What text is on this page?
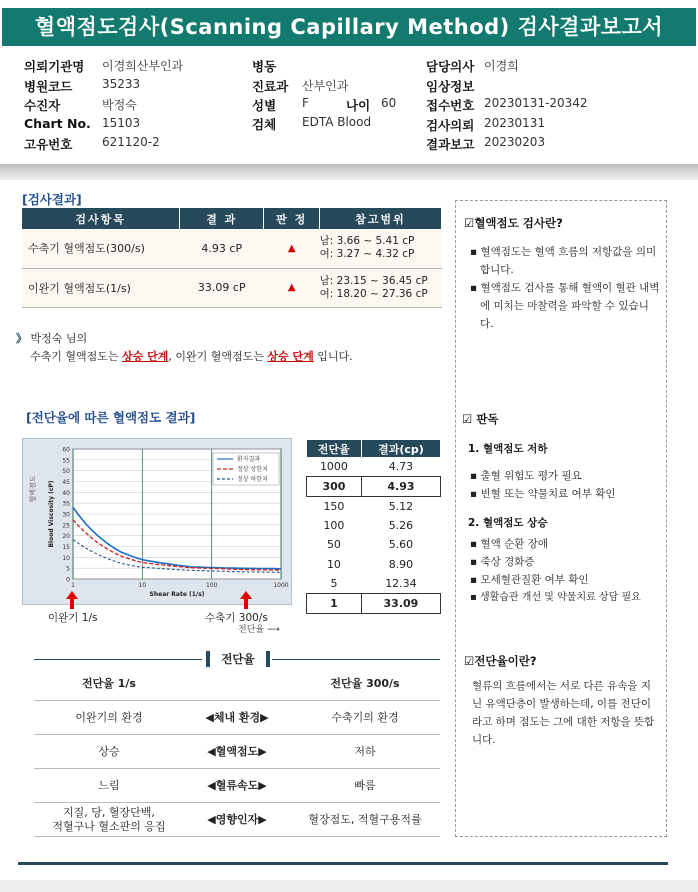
혈액점도검사(Scanning Capillary Method) 검사결과보고서
의뢰기관명 이경희산부인과
병원코드 35233
수진자	박정숙
Chart No. 15103
고유번호 621120-2
병동
진료과 산부인과
성별 F	나이 60
검체 EDTA Blood
담당의사 이경희
임상정보
접수번호 20230131-20342
검사의뢰 20230131
결과보고 20230203
[검사결과]
검사항목	결 과	판 정	참고범위
수축기 혈액점도(300/s)	4.93 cP	▲	남: 3.66 ~ 5.41 cP
여: 3.27 ~ 4.32 cP

이완기 혈액점도(1/s)	33.09 cP	▲	남: 23.15 ~ 36.45 cP
여: 18.20 ~ 27.36 cP
》 박정숙 님의
수축기 혈액점도는 상승 단계, 이완기 혈액점도는 상승 단계 입니다.
[전단율에 따른 혈액점도 결과]
0
5
10
15
20
25
30
35
40
45
50
55
60
1	10	100	1000
환자결과
정상 상한치
정상 하한치
Shear Rate (1/s)
Blood Viscosity (cP)
혈액점도
이완기 1/s	수축기 300/s
전단율 ⟶
전단율	결과(cp)
1000	4.73
300	4.93
150	5.12
100	5.26
50	5.60
10	8.90
5	12.34
1	33.09
전단율
전단율 1/s	전단율 300/s
이완기의 환경	◀ 체내 환경 ▶	수축기의 환경
상승	◀ 혈액점도 ▶	저하
느림	◀ 혈류속도 ▶	빠름
지질, 당, 혈장단백,
적혈구나 혈소판의 응집
◀ 영향인자 ▶	혈장점도, 적혈구용적률
☑혈액점도 검사란?
▪ 혈액점도는 혈액 흐름의 저항값을 의미합니다.
▪ 혈액점도 검사를 통해 혈액이 혈관 내벽에 미치는 마찰력을 파악할 수 있습니다.
☑ 판독
1. 혈액점도 저하
▪ 출혈 위험도 평가 필요
▪ 빈혈 또는 약물치료 여부 확인
2. 혈액점도 상승
▪ 혈액 순환 장애
▪ 죽상 경화증
▪ 모세혈관질환 여부 확인
▪ 생활습관 개선 및 약물치료 상담 필요
☑전단율이란?
혈류의 흐름에서는 서로 다른 유속을 지닌 유액단층이 발생하는데, 이를 전단이라고 하며 점도는 그에 대한 저항을 뜻합니다.
